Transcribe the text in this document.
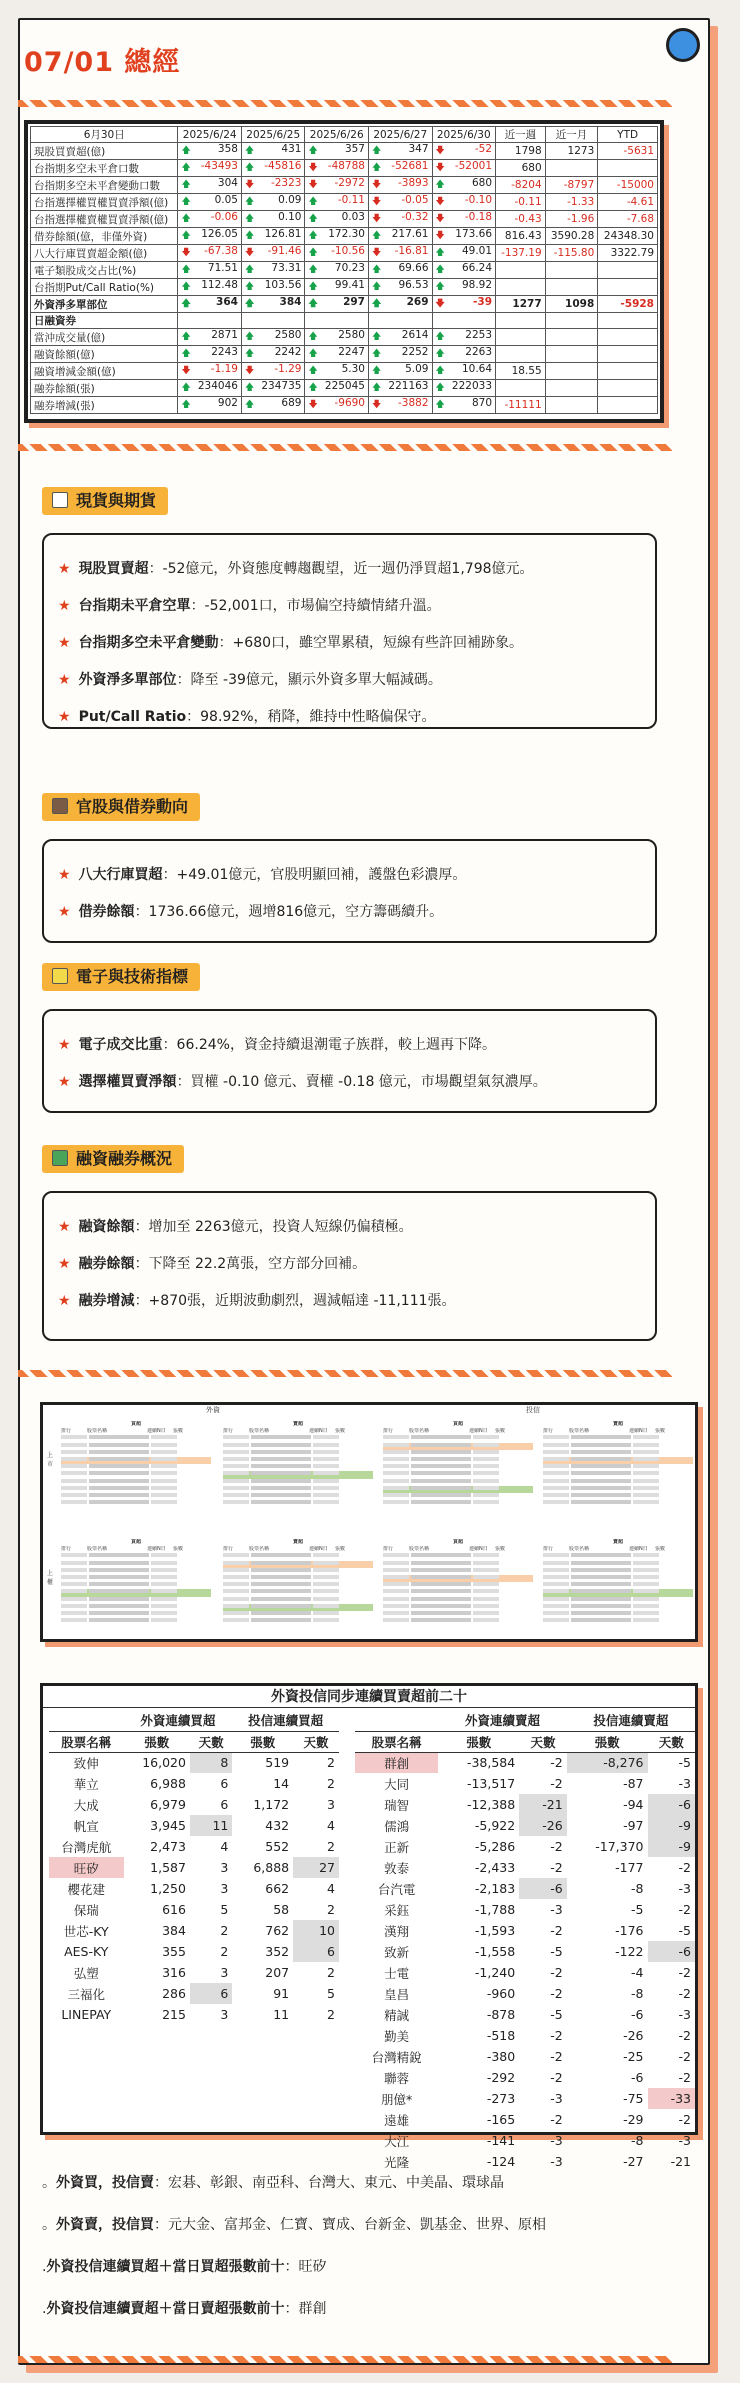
07/01 總經
6月30日	2025/6/24	2025/6/25	2025/6/26	2025/6/27	2025/6/30	近一週	近一月	YTD
現股買賣超(億)	🡅 358	🡅 431	🡅 357	🡅 347	🡇 -52	1798	1273	-5631
台指期多空未平倉口數	🡅 -43493	🡅 -45816	🡇 -48788	🡅 -52681	🡇 -52001	680		
台指期多空未平倉變動口數	🡅 304	🡇 -2323	🡇 -2972	🡇 -3893	🡅 680	-8204	-8797	-15000
台指選擇權買權買賣淨額(億)	🡅 0.05	🡅 0.09	🡅 -0.11	🡇 -0.05	🡇 -0.10	-0.11	-1.33	-4.61
台指選擇權賣權買賣淨額(億)	🡅 -0.06	🡅 0.10	🡅 0.03	🡇 -0.32	🡇 -0.18	-0.43	-1.96	-7.68
借券餘額(億，非僅外資)	🡅 126.05	🡅 126.81	🡅 172.30	🡅 217.61	🡇 173.66	816.43	3590.28	24348.30
八大行庫買賣超金額(億)	🡇 -67.38	🡇 -91.46	🡅 -10.56	🡇 -16.81	🡅 49.01	-137.19	-115.80	3322.79
電子類股成交占比(%)	🡅 71.51	🡅 73.31	🡅 70.23	🡅 69.66	🡅 66.24			
台指期Put/Call Ratio(%)	🡅 112.48	🡅 103.56	🡅 99.41	🡅 96.53	🡅 98.92			
外資淨多單部位	🡅 364	🡅 384	🡅 297	🡅 269	🡇 -39	1277	1098	-5928
日融資券								
當沖成交量(億)	🡅 2871	🡅 2580	🡅 2580	🡅 2614	🡅 2253			
融資餘額(億)	🡅 2243	🡅 2242	🡅 2247	🡅 2252	🡅 2263			
融資增減金額(億)	🡇 -1.19	🡇 -1.29	🡅 5.30	🡅 5.09	🡅 10.64	18.55		
融券餘額(張)	🡅 234046	🡅 234735	🡅 225045	🡅 221163	🡅 222033			
融券增減(張)	🡅 902	🡅 689	🡇 -9690	🡇 -3882	🡅 870	-11111		
現貨與期貨
★ 現股買賣超：-52億元，外資態度轉趨觀望，近一週仍淨買超1,798億元。
★ 台指期未平倉空單：-52,001口，市場偏空持續情緒升溫。
★ 台指期多空未平倉變動：+680口，雖空單累積，短線有些許回補跡象。
★ 外資淨多單部位：降至 -39億元，顯示外資多單大幅減碼。
★ Put/Call Ratio：98.92%，稍降，維持中性略偏保守。
官股與借券動向
★ 八大行庫買超：+49.01億元，官股明顯回補，護盤色彩濃厚。
★ 借券餘額：1736.66億元，週增816億元，空方籌碼續升。
電子與技術指標
★ 電子成交比重：66.24%，資金持續退潮電子族群，較上週再下降。
★ 選擇權買賣淨額：買權 -0.10 億元、賣權 -0.18 億元，市場觀望氣氛濃厚。
融資融券概況
★ 融資餘額：增加至 2263億元，投資人短線仍偏積極。
★ 融券餘額：下降至 22.2萬張，空方部分回補。
★ 融券增減：+870張，近期波動劇烈，週減幅達 -11,111張。
外資	投信
買超
排行	股票名稱	連續N日 張數
賣超
排行	股票名稱	連續N日 張數
買超
排行	股票名稱	連續N日 張數
賣超
排行	股票名稱	連續N日 張數
上市
買超
排行	股票名稱	連續N日 張數
賣超
排行	股票名稱	連續N日 張數
買超
排行	股票名稱	連續N日 張數
賣超
排行	股票名稱	連續N日 張數
上櫃
外資投信同步連續買賣超前二十
	外資連續買超		投信連續買超	
股票名稱	張數	天數	張數	天數
致伸	16,020	8	519	2
華立	6,988	6	14	2
大成	6,979	6	1,172	3
帆宣	3,945	11	432	4
台灣虎航	2,473	4	552	2
旺矽	1,587	3	6,888	27
櫻花建	1,250	3	662	4
保瑞	616	5	58	2
世芯-KY	384	2	762	10
AES-KY	355	2	352	6
弘塑	316	3	207	2
三福化	286	6	91	5
LINEPAY	215	3	11	2
	外資連續賣超		投信連續賣超	
股票名稱	張數	天數	張數	天數
群創	-38,584	-2	-8,276	-5
大同	-13,517	-2	-87	-3
瑞智	-12,388	-21	-94	-6
儒鴻	-5,922	-26	-97	-9
正新	-5,286	-2	-17,370	-9
敦泰	-2,433	-2	-177	-2
台汽電	-2,183	-6	-8	-3
采鈺	-1,788	-3	-5	-2
漢翔	-1,593	-2	-176	-5
致新	-1,558	-5	-122	-6
士電	-1,240	-2	-4	-2
皇昌	-960	-2	-8	-2
精誠	-878	-5	-6	-3
勤美	-518	-2	-26	-2
台灣精銳	-380	-2	-25	-2
聯蓉	-292	-2	-6	-2
朋億*	-273	-3	-75	-33
遠雄	-165	-2	-29	-2
大江	-141	-3	-8	-3
光隆	-124	-3	-27	-21
。外資買，投信賣：宏碁、彰銀、南亞科、台灣大、東元、中美晶、環球晶
。外資賣，投信買：元大金、富邦金、仁寶、寶成、台新金、凱基金、世界、原相
.外資投信連續買超＋當日買超張數前十：旺矽
.外資投信連續賣超＋當日賣超張數前十：群創
